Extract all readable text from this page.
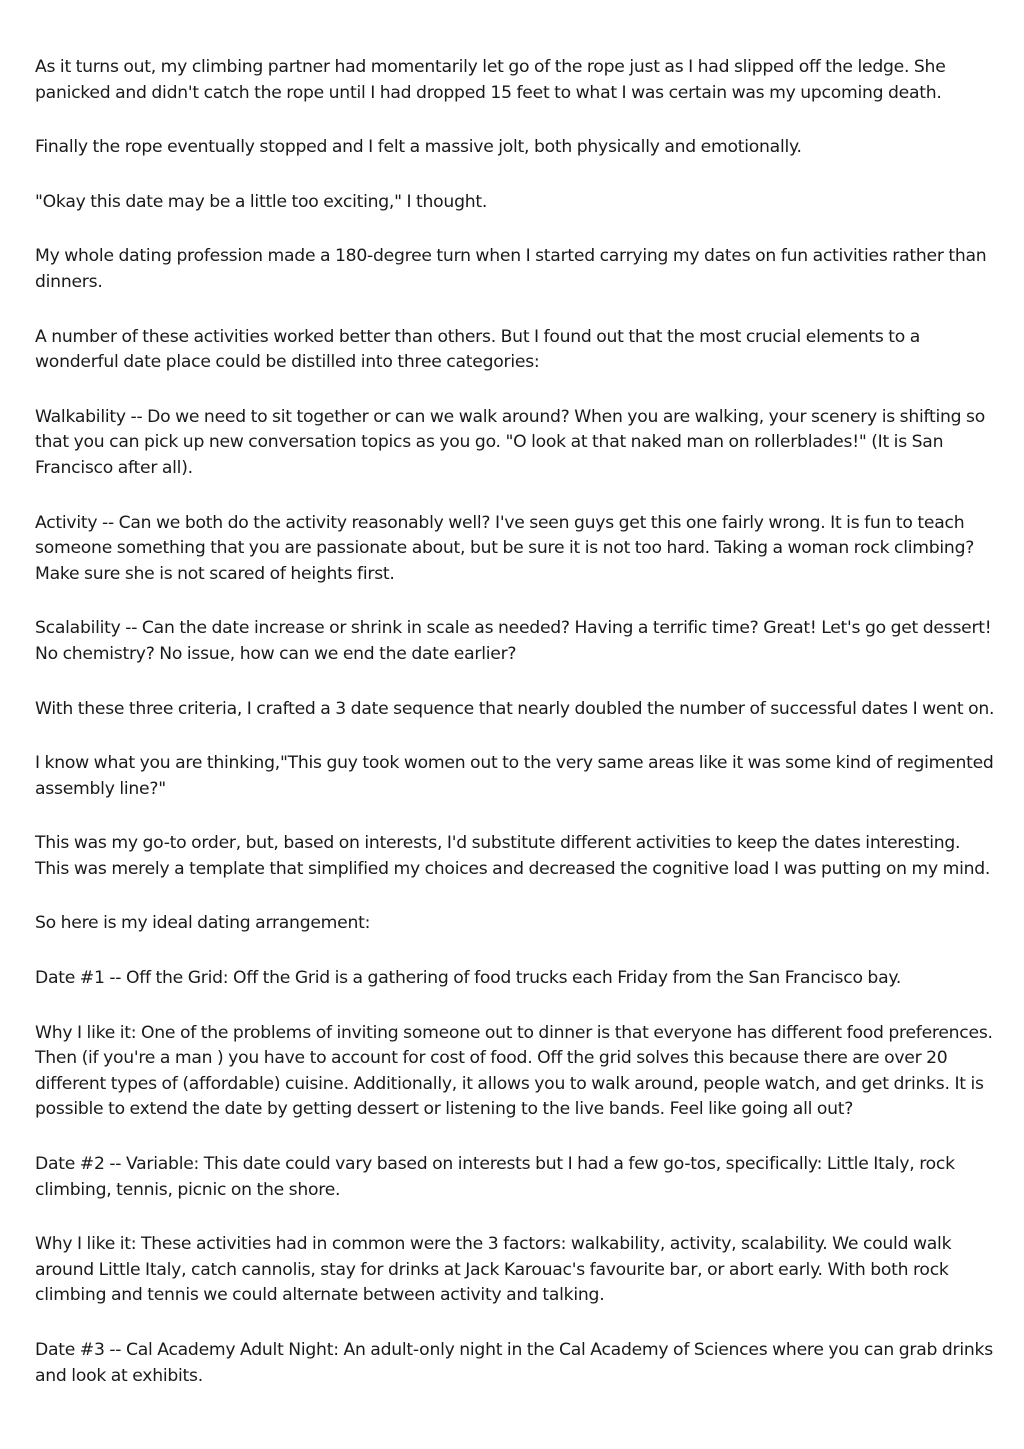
As it turns out, my climbing partner had momentarily let go of the rope just as I had slipped off the ledge. She panicked and didn't catch the rope until I had dropped 15 feet to what I was certain was my upcoming death.

Finally the rope eventually stopped and I felt a massive jolt, both physically and emotionally.

"Okay this date may be a little too exciting," I thought.

My whole dating profession made a 180-degree turn when I started carrying my dates on fun activities rather than dinners.

A number of these activities worked better than others. But I found out that the most crucial elements to a wonderful date place could be distilled into three categories:

Walkability -- Do we need to sit together or can we walk around? When you are walking, your scenery is shifting so that you can pick up new conversation topics as you go. "O look at that naked man on rollerblades!" (It is San Francisco after all).

Activity -- Can we both do the activity reasonably well? I've seen guys get this one fairly wrong. It is fun to teach someone something that you are passionate about, but be sure it is not too hard. Taking a woman rock climbing? Make sure she is not scared of heights first.

Scalability -- Can the date increase or shrink in scale as needed? Having a terrific time? Great! Let's go get dessert! No chemistry? No issue, how can we end the date earlier?

With these three criteria, I crafted a 3 date sequence that nearly doubled the number of successful dates I went on.

I know what you are thinking,"This guy took women out to the very same areas like it was some kind of regimented assembly line?"

This was my go-to order, but, based on interests, I'd substitute different activities to keep the dates interesting. This was merely a template that simplified my choices and decreased the cognitive load I was putting on my mind.

So here is my ideal dating arrangement:

Date #1 -- Off the Grid: Off the Grid is a gathering of food trucks each Friday from the San Francisco bay.

Why I like it: One of the problems of inviting someone out to dinner is that everyone has different food preferences. Then (if you're a man ) you have to account for cost of food. Off the grid solves this because there are over 20 different types of (affordable) cuisine. Additionally, it allows you to walk around, people watch, and get drinks. It is possible to extend the date by getting dessert or listening to the live bands. Feel like going all out?

Date #2 -- Variable: This date could vary based on interests but I had a few go-tos, specifically: Little Italy, rock climbing, tennis, picnic on the shore.

Why I like it: These activities had in common were the 3 factors: walkability, activity, scalability. We could walk around Little Italy, catch cannolis, stay for drinks at Jack Karouac's favourite bar, or abort early. With both rock climbing and tennis we could alternate between activity and talking.

Date #3 -- Cal Academy Adult Night: An adult-only night in the Cal Academy of Sciences where you can grab drinks and look at exhibits.
